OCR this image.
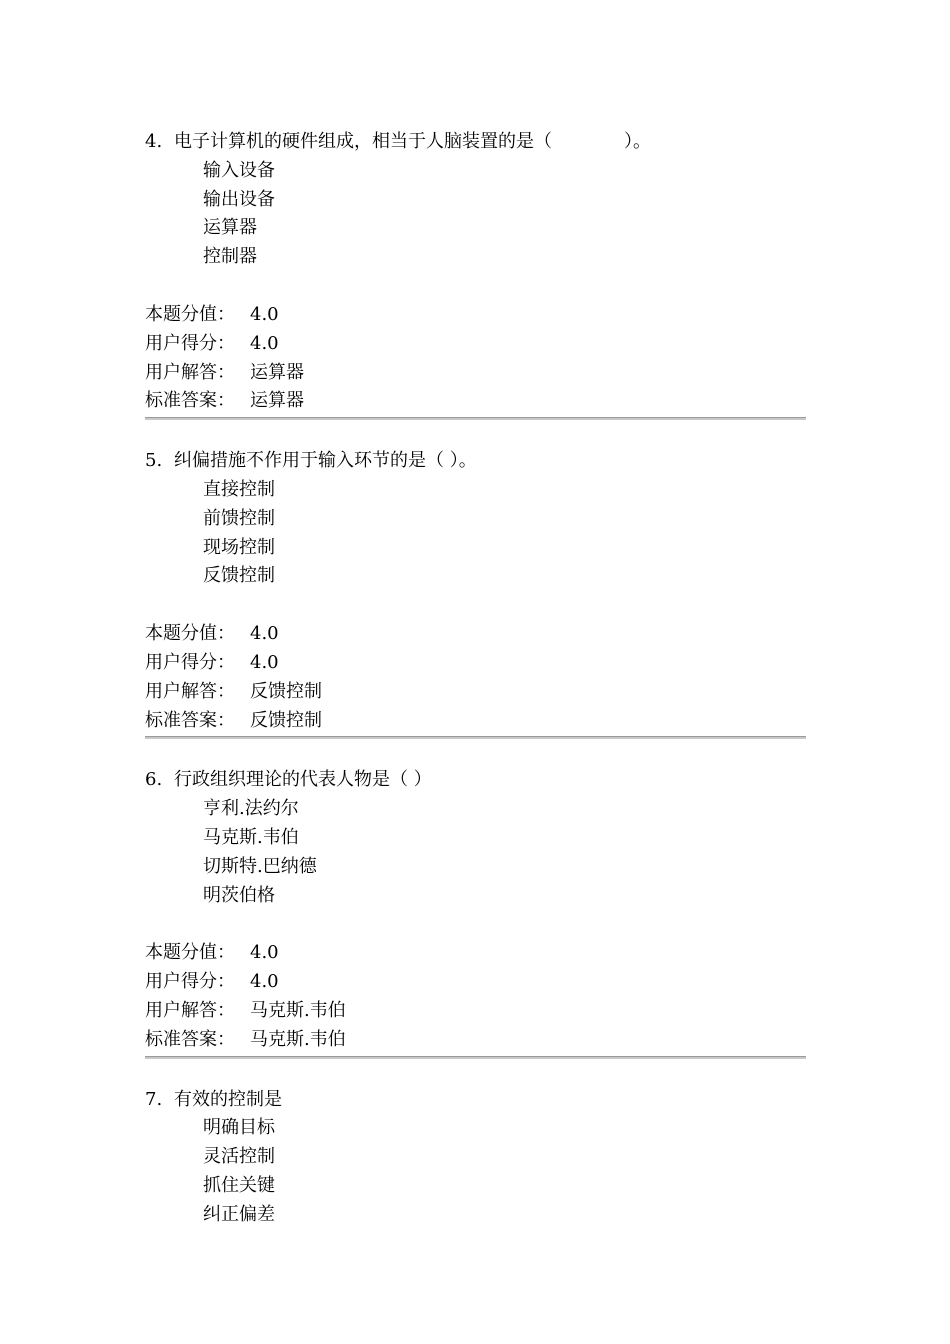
4. 电子计算机的硬件组成，相当于人脑装置的是（　　　　）。
输入设备
输出设备
运算器
控制器
本题分值： 4.0
用户得分： 4.0
用户解答： 运算器
标准答案： 运算器
5. 纠偏措施不作用于输入环节的是（ ）。
直接控制
前馈控制
现场控制
反馈控制
本题分值： 4.0
用户得分： 4.0
用户解答： 反馈控制
标准答案： 反馈控制
6. 行政组织理论的代表人物是（ ）
亨利.法约尔
马克斯.韦伯
切斯特.巴纳德
明茨伯格
本题分值： 4.0
用户得分： 4.0
用户解答： 马克斯.韦伯
标准答案： 马克斯.韦伯
7. 有效的控制是
明确目标
灵活控制
抓住关键
纠正偏差
